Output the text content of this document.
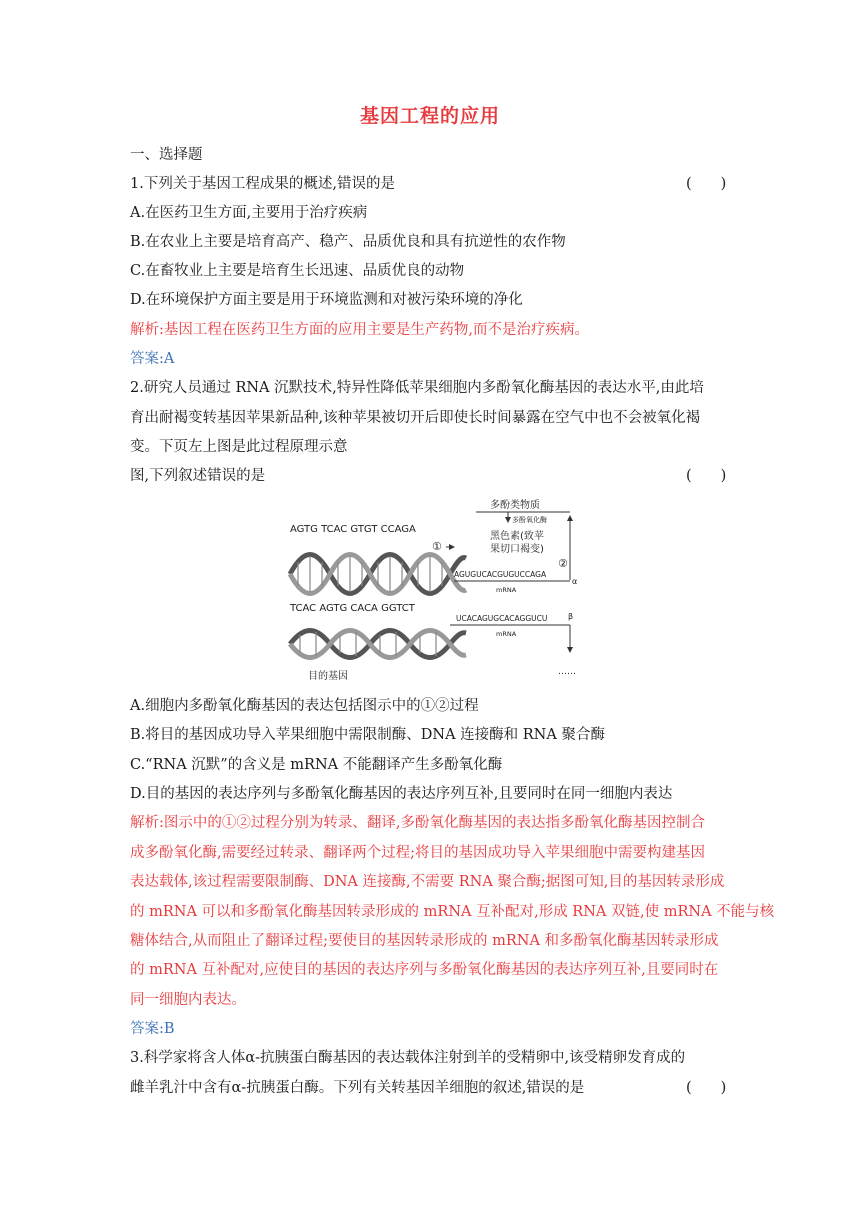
基因工程的应用
一、选择题
1.下列关于基因工程成果的概述,错误的是	(　　)
A.在医药卫生方面,主要用于治疗疾病
B.在农业上主要是培育高产、稳产、品质优良和具有抗逆性的农作物
C.在畜牧业上主要是培育生长迅速、品质优良的动物
D.在环境保护方面主要是用于环境监测和对被污染环境的净化
解析:基因工程在医药卫生方面的应用主要是生产药物,而不是治疗疾病。
答案:A
2.研究人员通过 RNA 沉默技术,特异性降低苹果细胞内多酚氧化酶基因的表达水平,由此培
育出耐褐变转基因苹果新品种,该种苹果被切开后即使长时间暴露在空气中也不会被氧化褐
变。下页左上图是此过程原理示意
图,下列叙述错误的是	(　　)
AGTG TCAC GTGT CCAGA
TCAC AGTG CACA GGTCT
①
AGUGUCACGUGUCCAGA
mRNA
α
②
多酚类物质
多酚氧化酶
黑色素(致苹
果切口褐变)
UCACAGUGCACAGGUCU
mRNA
β
……
目的基因
A.细胞内多酚氧化酶基因的表达包括图示中的①②过程
B.将目的基因成功导入苹果细胞中需限制酶、DNA 连接酶和 RNA 聚合酶
C.“RNA 沉默”的含义是 mRNA 不能翻译产生多酚氧化酶
D.目的基因的表达序列与多酚氧化酶基因的表达序列互补,且要同时在同一细胞内表达
解析:图示中的①②过程分别为转录、翻译,多酚氧化酶基因的表达指多酚氧化酶基因控制合
成多酚氧化酶,需要经过转录、翻译两个过程;将目的基因成功导入苹果细胞中需要构建基因
表达载体,该过程需要限制酶、DNA 连接酶,不需要 RNA 聚合酶;据图可知,目的基因转录形成
的 mRNA 可以和多酚氧化酶基因转录形成的 mRNA 互补配对,形成 RNA 双链,使 mRNA 不能与核
糖体结合,从而阻止了翻译过程;要使目的基因转录形成的 mRNA 和多酚氧化酶基因转录形成
的 mRNA 互补配对,应使目的基因的表达序列与多酚氧化酶基因的表达序列互补,且要同时在
同一细胞内表达。
答案:B
3.科学家将含人体α-抗胰蛋白酶基因的表达载体注射到羊的受精卵中,该受精卵发育成的
雌羊乳汁中含有α-抗胰蛋白酶。下列有关转基因羊细胞的叙述,错误的是	(　　)
